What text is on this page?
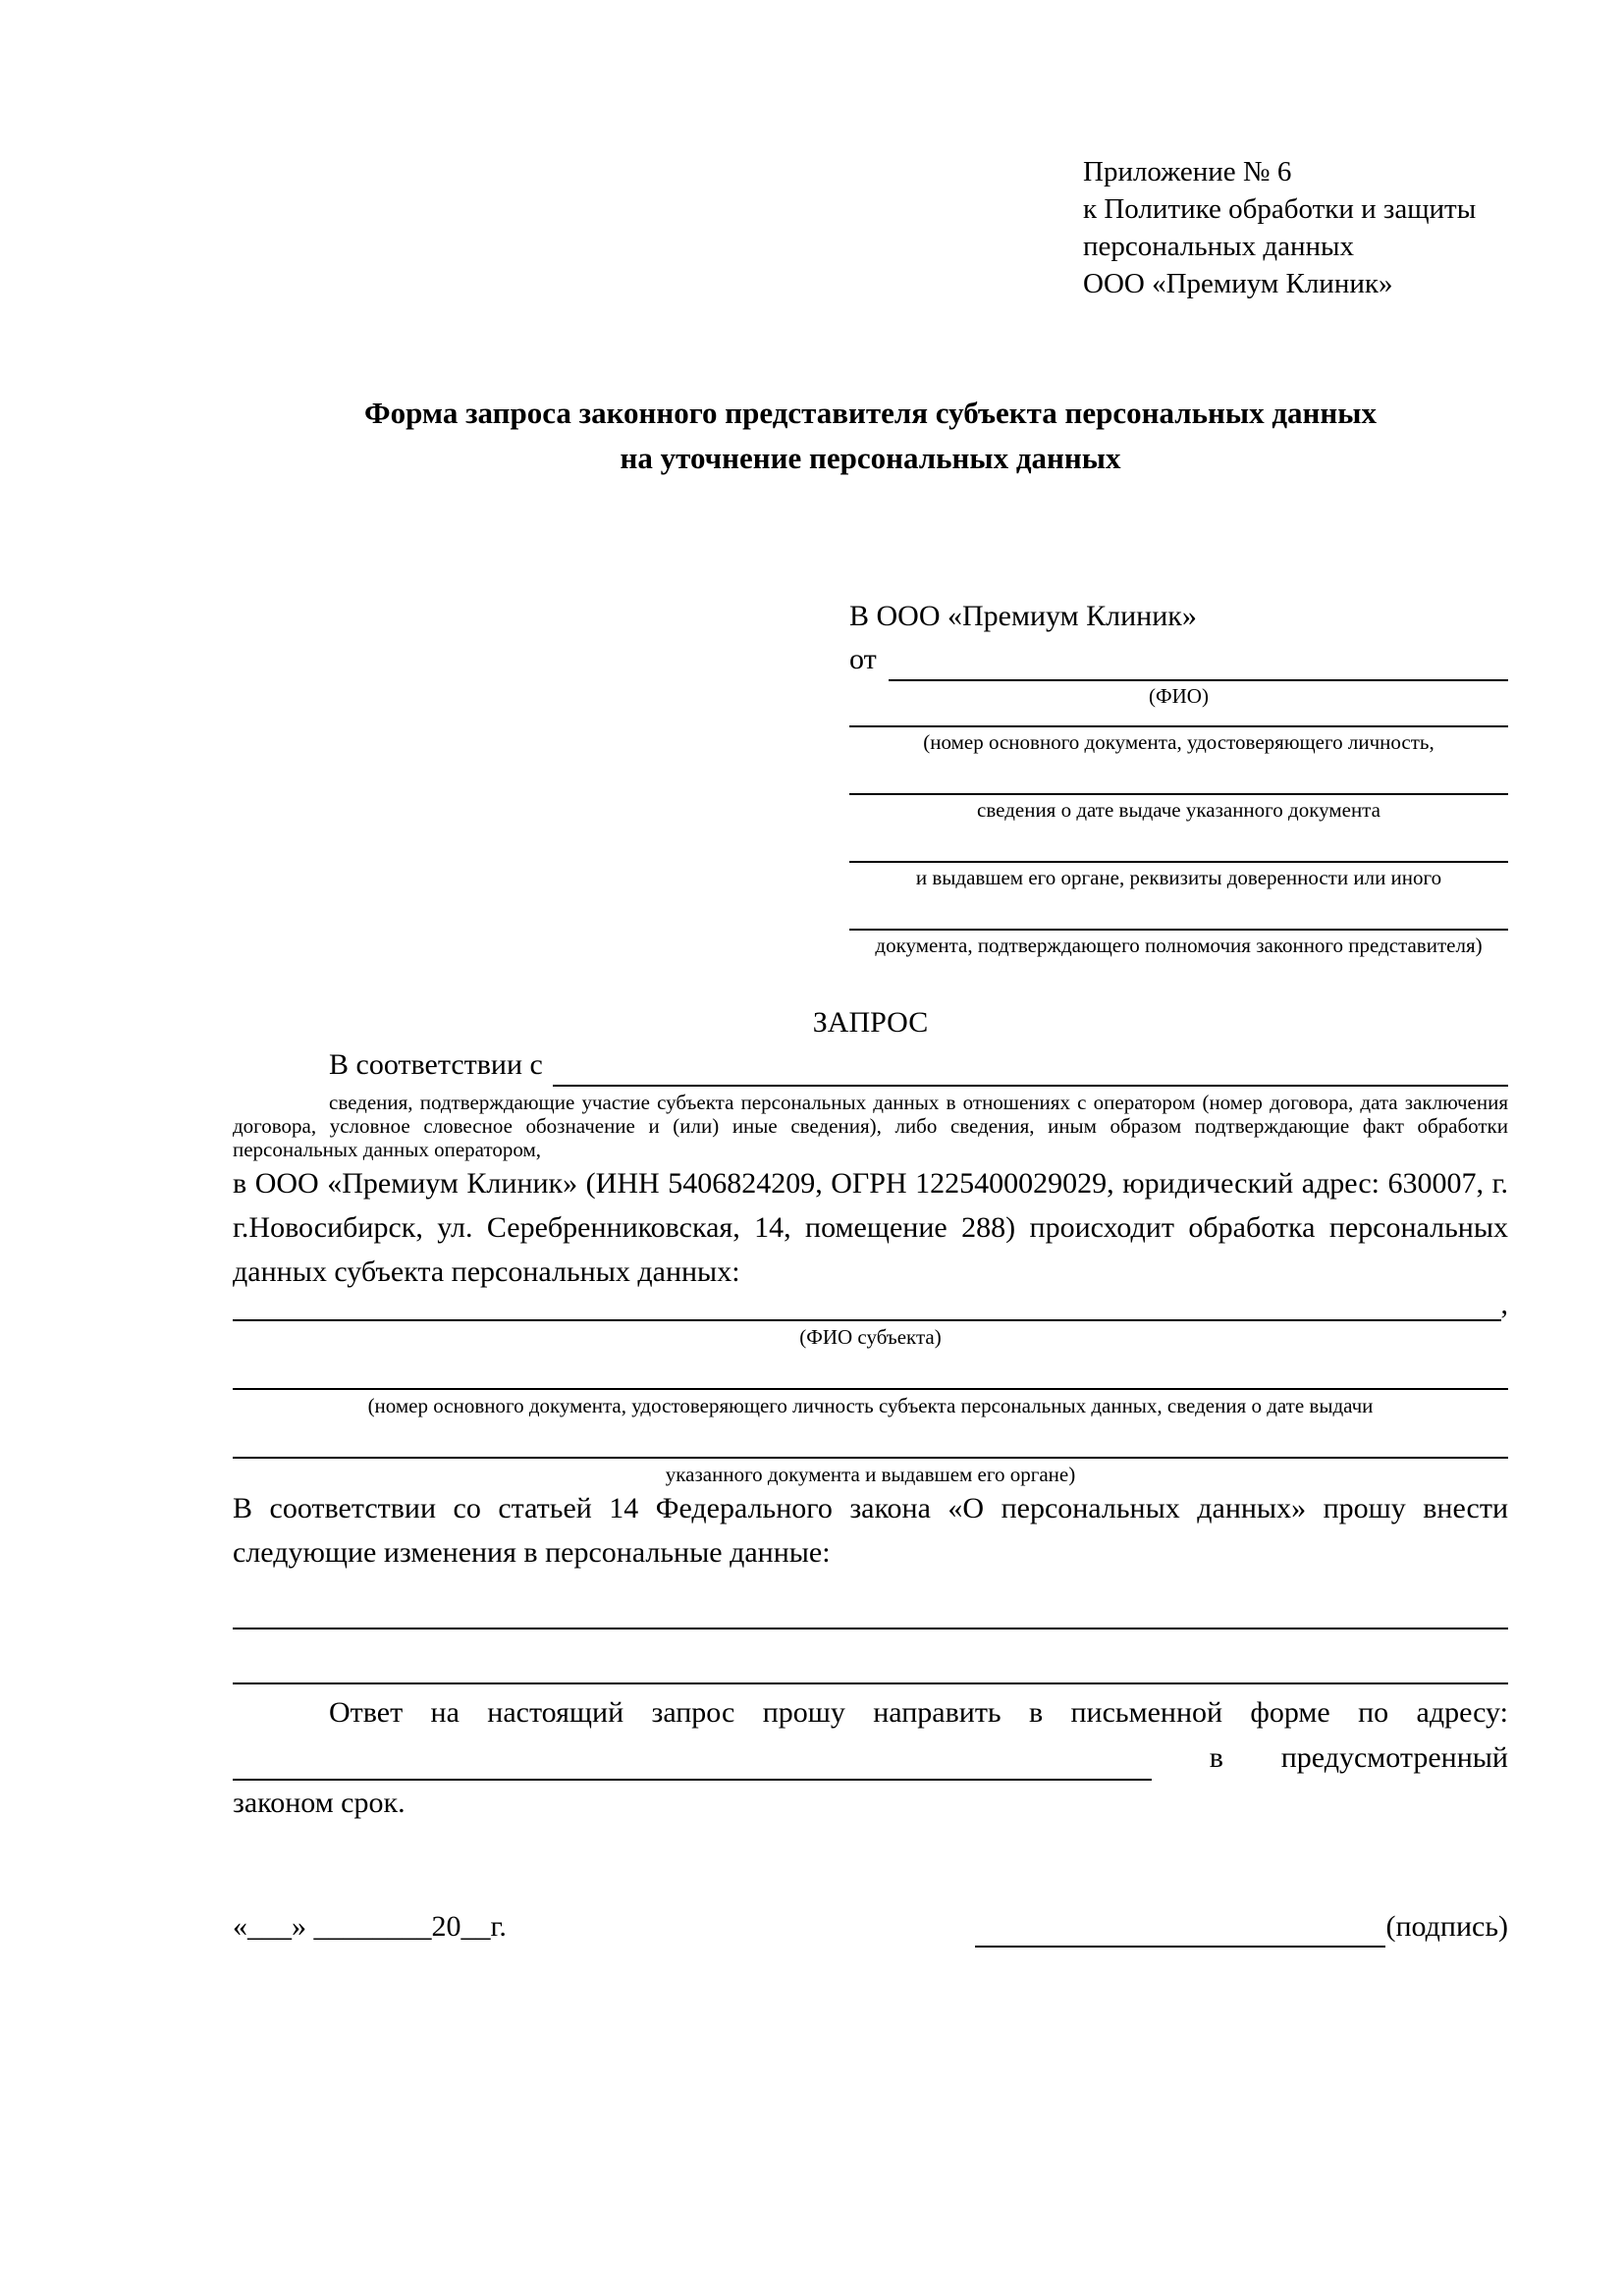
Приложение № 6
к Политике обработки и защиты
персональных данных
ООО «Премиум Клиник»
Форма запроса законного представителя субъекта персональных данных
на уточнение персональных данных
В ООО «Премиум Клиник»
от
(ФИО)
(номер основного документа, удостоверяющего личность,
сведения о дате выдаче указанного документа
и выдавшем его органе, реквизиты доверенности или иного
документа, подтверждающего полномочия законного представителя)
ЗАПРОС
В соответствии с
сведения, подтверждающие участие субъекта персональных данных в отношениях с оператором (номер договора, дата заключения договора, условное словесное обозначение и (или) иные сведения), либо сведения, иным образом подтверждающие факт обработки персональных данных оператором,
в ООО «Премиум Клиник» (ИНН 5406824209, ОГРН 1225400029029, юридический адрес: 630007, г. г.Новосибирск, ул. Серебренниковская, 14, помещение 288) происходит обработка персональных данных субъекта персональных данных:
,
(ФИО субъекта)
(номер основного документа, удостоверяющего личность субъекта персональных данных, сведения о дате выдачи
указанного документа и выдавшем его органе)
В соответствии со статьей 14 Федерального закона «О персональных данных» прошу внести следующие изменения в персональные данные:
Ответ на настоящий запрос прошу направить в письменной форме по адресу:
в предусмотренный
законом срок.
«___» ________20__г.	(подпись)
